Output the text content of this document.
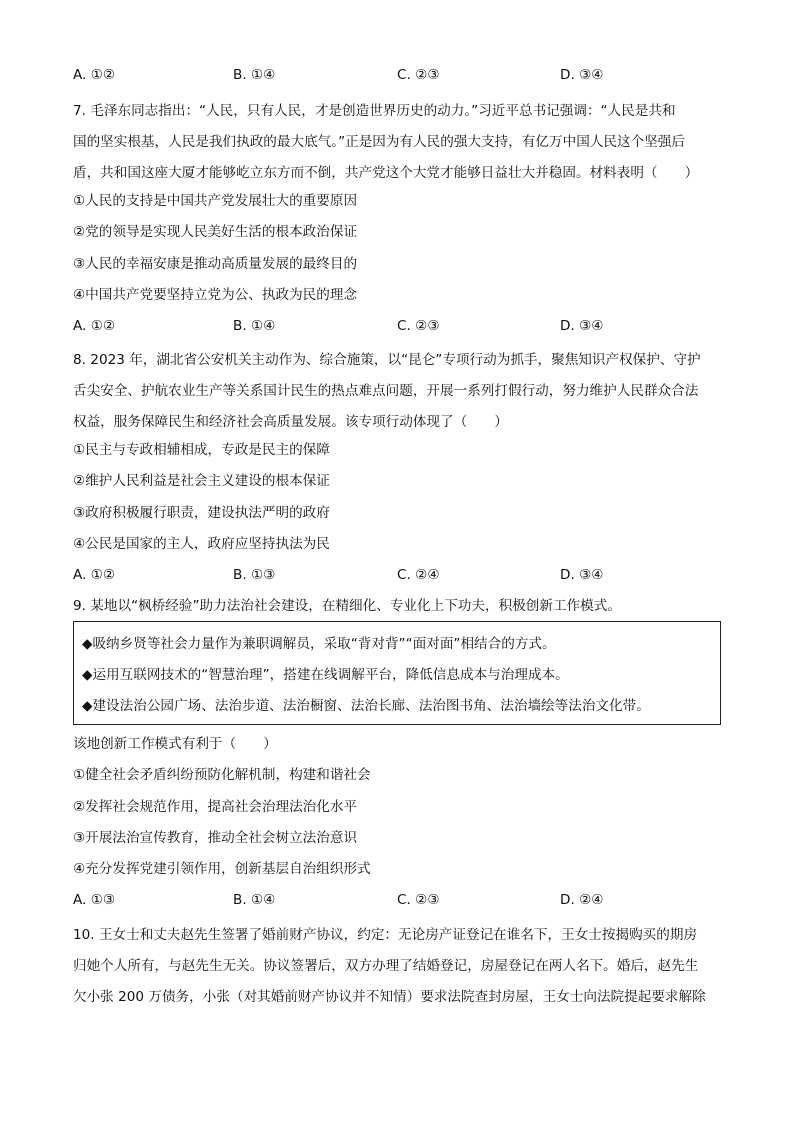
A. ①②	B. ①④	C. ②③	D. ③④
7. 毛泽东同志指出：“人民，只有人民，才是创造世界历史的动力。”习近平总书记强调：“人民是共和
国的坚实根基，人民是我们执政的最大底气。”正是因为有人民的强大支持，有亿万中国人民这个坚强后
盾，共和国这座大厦才能够屹立东方而不倒，共产党这个大党才能够日益壮大并稳固。材料表明（　　）
①人民的支持是中国共产党发展壮大的重要原因
②党的领导是实现人民美好生活的根本政治保证
③人民的幸福安康是推动高质量发展的最终目的
④中国共产党要坚持立党为公、执政为民的理念
A. ①②	B. ①④	C. ②③	D. ③④
8. 2023 年，湖北省公安机关主动作为、综合施策，以“昆仑”专项行动为抓手，聚焦知识产权保护、守护
舌尖安全、护航农业生产等关系国计民生的热点难点问题，开展一系列打假行动，努力维护人民群众合法
权益，服务保障民生和经济社会高质量发展。该专项行动体现了（　　）
①民主与专政相辅相成，专政是民主的保障
②维护人民利益是社会主义建设的根本保证
③政府积极履行职责，建设执法严明的政府
④公民是国家的主人，政府应坚持执法为民
A. ①②	B. ①③	C. ②④	D. ③④
9. 某地以“枫桥经验”助力法治社会建设，在精细化、专业化上下功夫，积极创新工作模式。
◆吸纳乡贤等社会力量作为兼职调解员，采取“背对背”“面对面”相结合的方式。
◆运用互联网技术的“智慧治理”，搭建在线调解平台，降低信息成本与治理成本。
◆建设法治公园广场、法治步道、法治橱窗、法治长廊、法治图书角、法治墙绘等法治文化带。
该地创新工作模式有利于（　　）
①健全社会矛盾纠纷预防化解机制，构建和谐社会
②发挥社会规范作用，提高社会治理法治化水平
③开展法治宣传教育，推动全社会树立法治意识
④充分发挥党建引领作用，创新基层自治组织形式
A. ①③	B. ①④	C. ②③	D. ②④
10. 王女士和丈夫赵先生签署了婚前财产协议，约定：无论房产证登记在谁名下，王女士按揭购买的期房
归她个人所有，与赵先生无关。协议签署后，双方办理了结婚登记，房屋登记在两人名下。婚后，赵先生
欠小张 200 万债务，小张（对其婚前财产协议并不知情）要求法院查封房屋，王女士向法院提起要求解除
